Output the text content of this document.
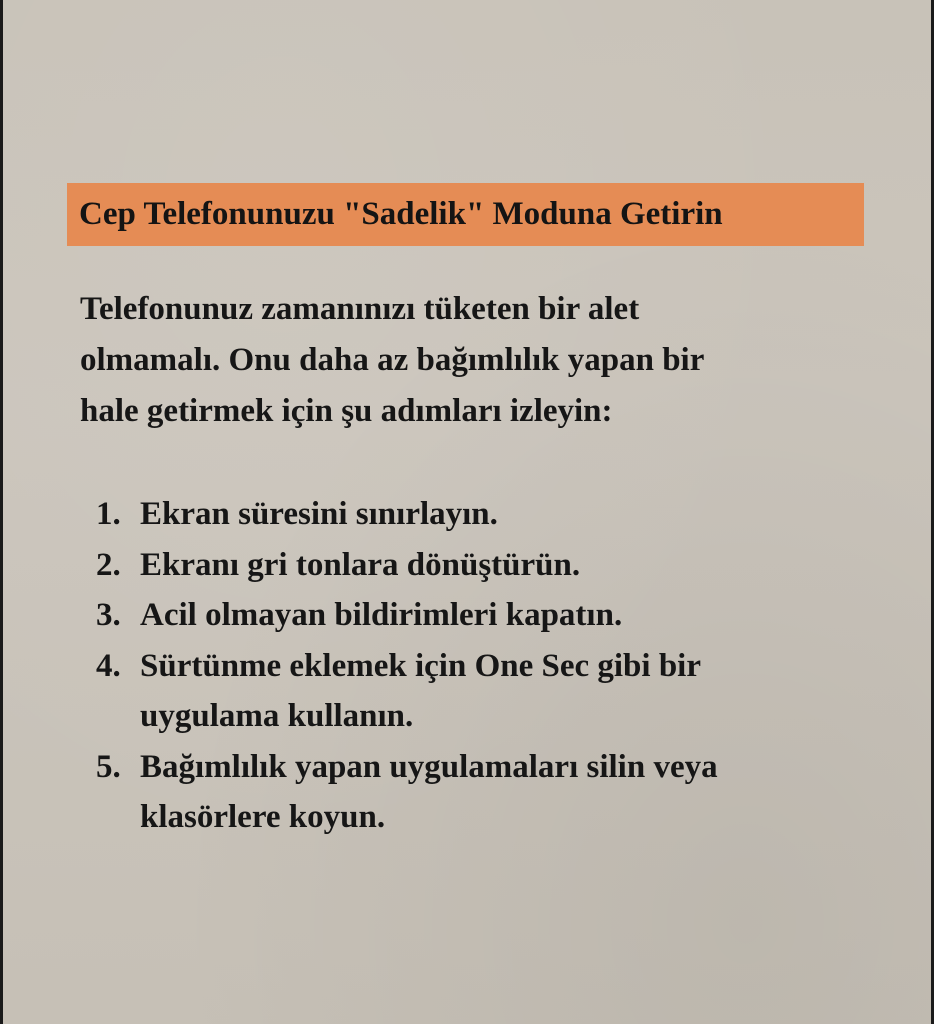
Cep Telefonunuzu "Sadelik" Moduna Getirin
Telefonunuz zamanınızı tüketen bir alet
olmamalı. Onu daha az bağımlılık yapan bir
hale getirmek için şu adımları izleyin:
1. Ekran süresini sınırlayın.
2. Ekranı gri tonlara dönüştürün.
3. Acil olmayan bildirimleri kapatın.
4. Sürtünme eklemek için One Sec gibi bir
uygulama kullanın.
5. Bağımlılık yapan uygulamaları silin veya
klasörlere koyun.
